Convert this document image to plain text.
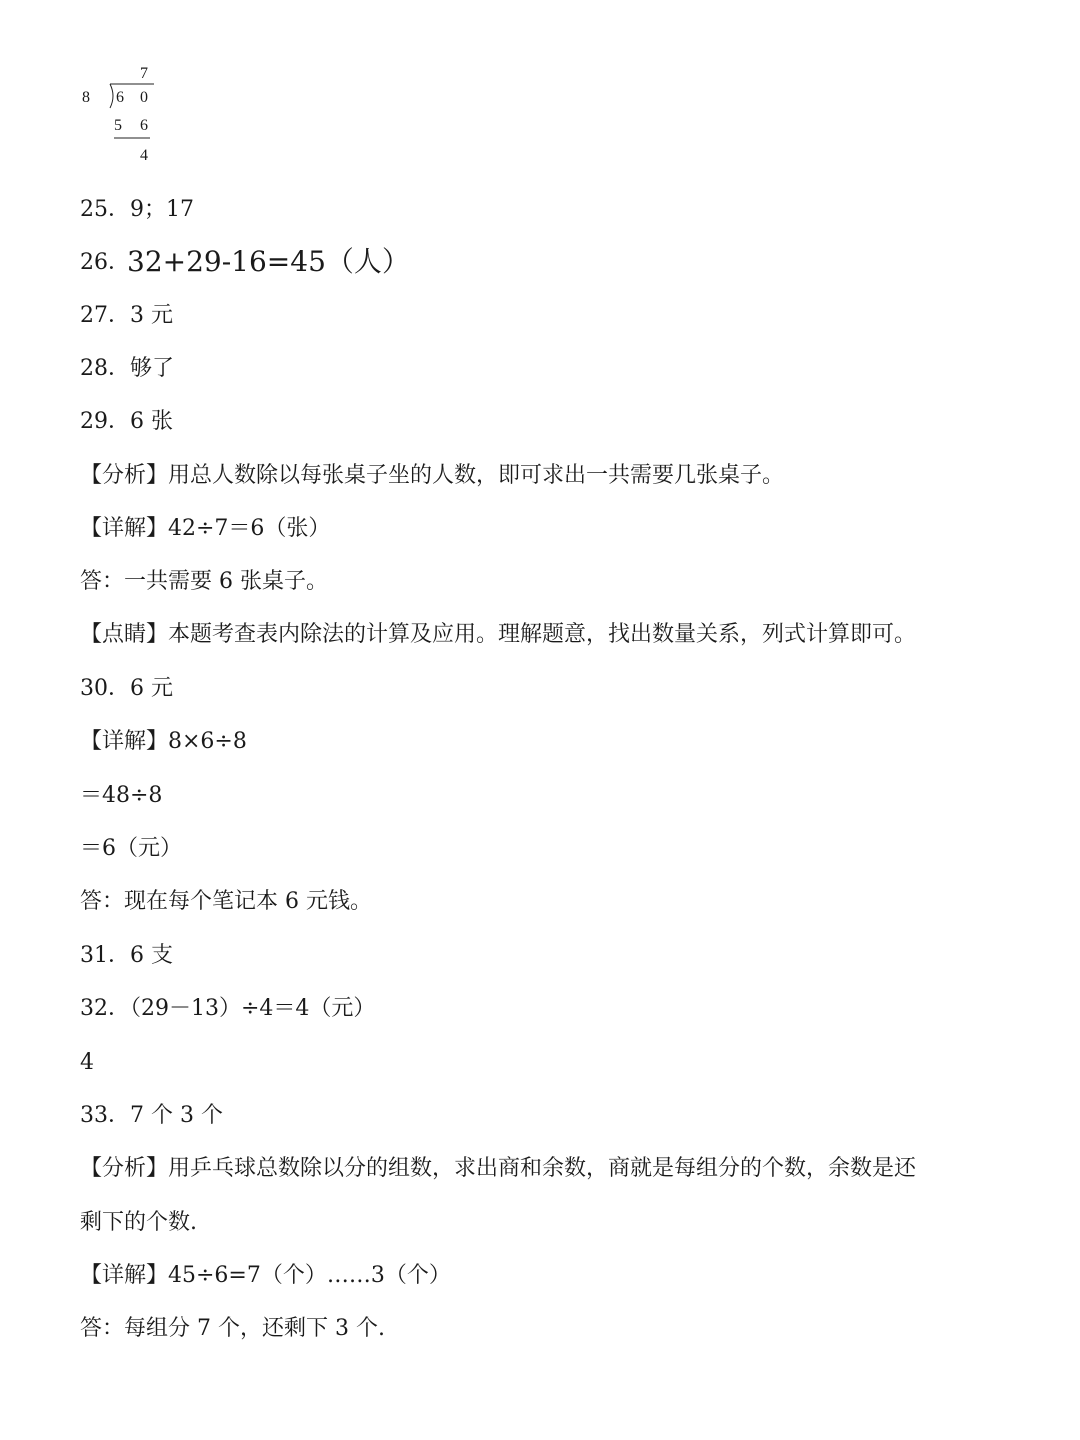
7
8 6 0
5 6
4
25．9；17
26．
32+29-16=45（人）
27．3 元
28．够了
29．6 张
【分析】用总人数除以每张桌子坐的人数，即可求出一共需要几张桌子。
【详解】42÷7＝6（张）
答：一共需要 6 张桌子。
【点睛】本题考查表内除法的计算及应用。理解题意，找出数量关系，列式计算即可。
30．6 元
【详解】8×6÷8
＝48÷8
＝6（元）
答：现在每个笔记本 6 元钱。
31．6 支
32．（29－13）÷4＝4（元）
4
33．7 个 3 个
【分析】用乒乓球总数除以分的组数，求出商和余数，商就是每组分的个数，余数是还
剩下的个数.
【详解】45÷6=7（个）……3（个）
答：每组分 7 个，还剩下 3 个.
